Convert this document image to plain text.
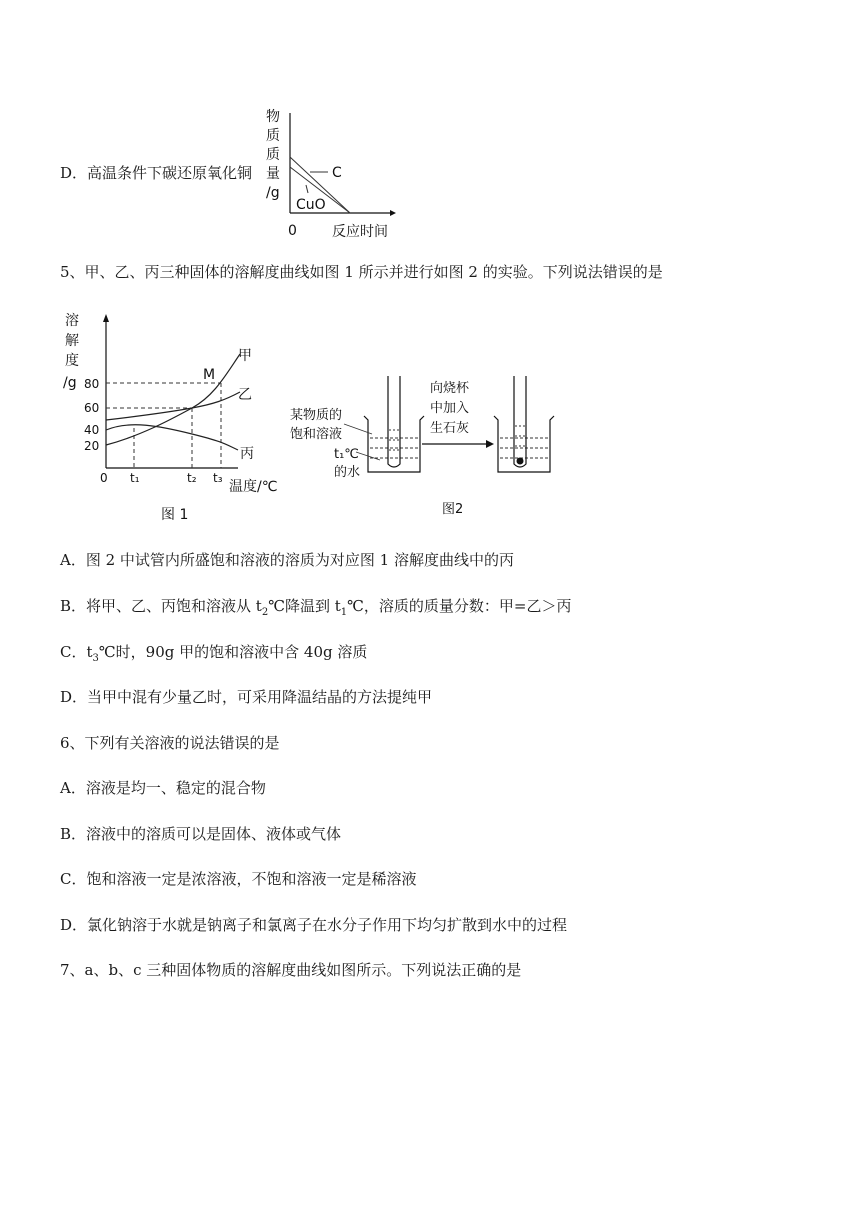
D．高温条件下碳还原氧化铜
物
质
质
量
/g
0	反应时间
C
CuO
5、甲、乙、丙三种固体的溶解度曲线如图 1 所示并进行如图 2 的实验。下列说法错误的是
溶
解
度
/g 80
60
40
20
0 t₁	t₂ t₃
温度/℃
M
甲
乙
丙
图 1
某物质的
饱和溶液
t₁℃
的水
向烧杯
中加入
生石灰
图2
A．图 2 中试管内所盛饱和溶液的溶质为对应图 1 溶解度曲线中的丙
B．将甲、乙、丙饱和溶液从 $t_2℃$降温到 $t_1℃$，溶质的质量分数：甲=乙＞丙
C．$t_3℃$时，90g 甲的饱和溶液中含 40g 溶质
D．当甲中混有少量乙时，可采用降温结晶的方法提纯甲
6、下列有关溶液的说法错误的是
A．溶液是均一、稳定的混合物
B．溶液中的溶质可以是固体、液体或气体
C．饱和溶液一定是浓溶液，不饱和溶液一定是稀溶液
D．氯化钠溶于水就是钠离子和氯离子在水分子作用下均匀扩散到水中的过程
7、a、b、c 三种固体物质的溶解度曲线如图所示。下列说法正确的是
